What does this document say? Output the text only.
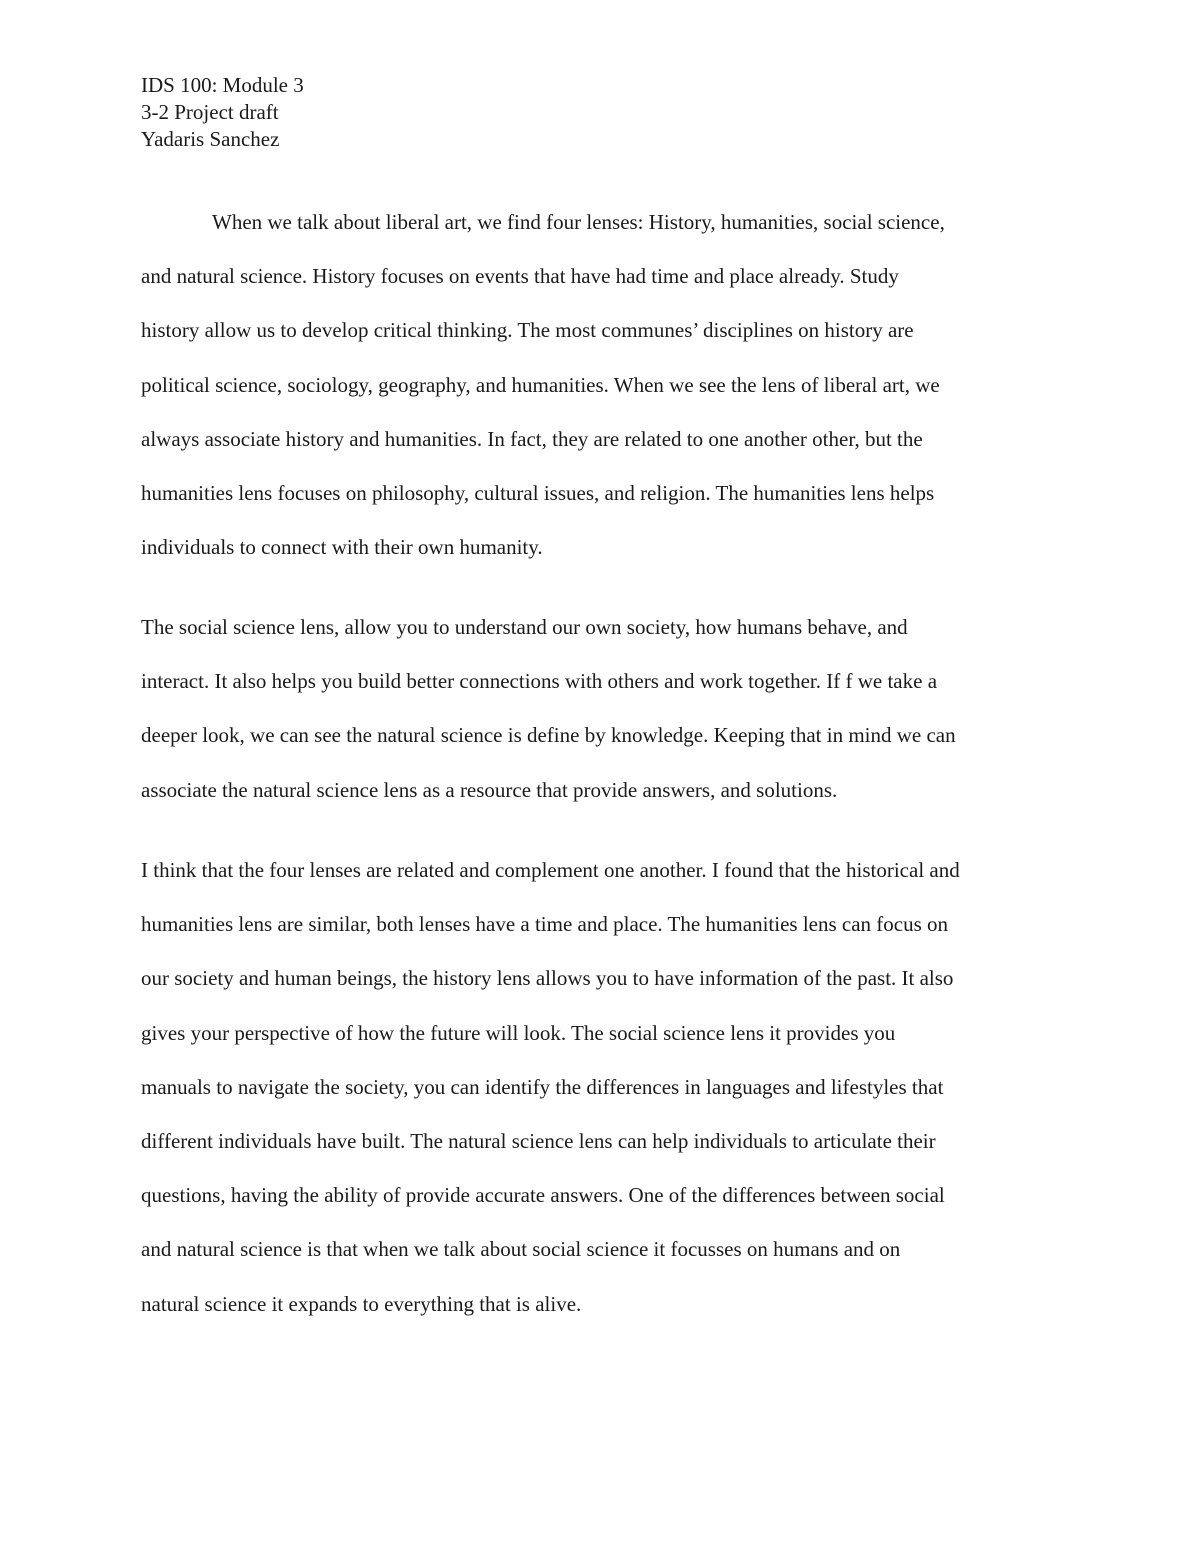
IDS 100: Module 3
3-2 Project draft
Yadaris Sanchez
When we talk about liberal art, we find four lenses: History, humanities, social science,
and natural science. History focuses on events that have had time and place already. Study
history allow us to develop critical thinking. The most communes’ disciplines on history are
political science, sociology, geography, and humanities. When we see the lens of liberal art, we
always associate history and humanities. In fact, they are related to one another other, but the
humanities lens focuses on philosophy, cultural issues, and religion. The humanities lens helps
individuals to connect with their own humanity.
The social science lens, allow you to understand our own society, how humans behave, and
interact. It also helps you build better connections with others and work together. If f we take a
deeper look, we can see the natural science is define by knowledge. Keeping that in mind we can
associate the natural science lens as a resource that provide answers, and solutions.
I think that the four lenses are related and complement one another. I found that the historical and
humanities lens are similar, both lenses have a time and place. The humanities lens can focus on
our society and human beings, the history lens allows you to have information of the past. It also
gives your perspective of how the future will look. The social science lens it provides you
manuals to navigate the society, you can identify the differences in languages and lifestyles that
different individuals have built. The natural science lens can help individuals to articulate their
questions, having the ability of provide accurate answers. One of the differences between social
and natural science is that when we talk about social science it focusses on humans and on
natural science it expands to everything that is alive.
